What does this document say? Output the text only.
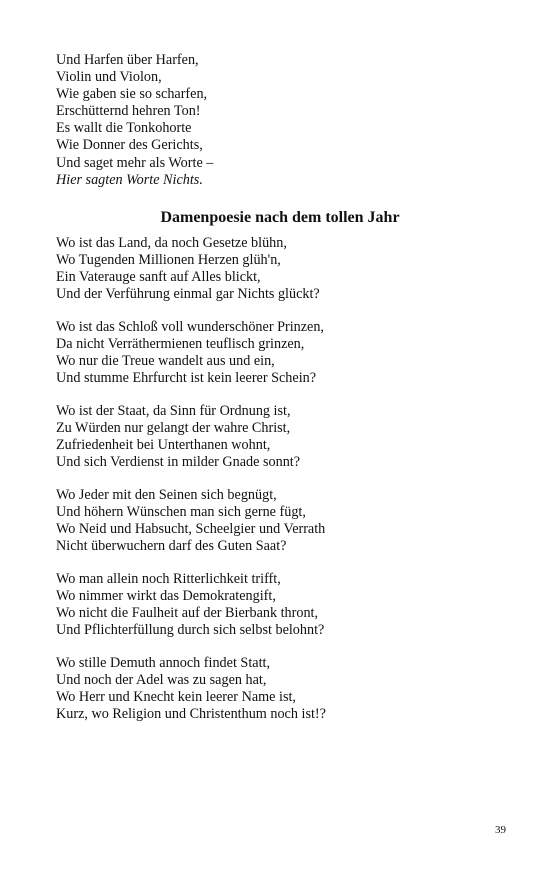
Und Harfen über Harfen,
Violin und Violon,
Wie gaben sie so scharfen,
Erschütternd hehren Ton!
Es wallt die Tonkohorte
Wie Donner des Gerichts,
Und saget mehr als Worte –
Hier sagten Worte Nichts.
Damenpoesie nach dem tollen Jahr
Wo ist das Land, da noch Gesetze blühn,
Wo Tugenden Millionen Herzen glüh'n,
Ein Vaterauge sanft auf Alles blickt,
Und der Verführung einmal gar Nichts glückt?
Wo ist das Schloß voll wunderschöner Prinzen,
Da nicht Verräthermienen teuflisch grinzen,
Wo nur die Treue wandelt aus und ein,
Und stumme Ehrfurcht ist kein leerer Schein?
Wo ist der Staat, da Sinn für Ordnung ist,
Zu Würden nur gelangt der wahre Christ,
Zufriedenheit bei Unterthanen wohnt,
Und sich Verdienst in milder Gnade sonnt?
Wo Jeder mit den Seinen sich begnügt,
Und höhern Wünschen man sich gerne fügt,
Wo Neid und Habsucht, Scheelgier und Verrath
Nicht überwuchern darf des Guten Saat?
Wo man allein noch Ritterlichkeit trifft,
Wo nimmer wirkt das Demokratengift,
Wo nicht die Faulheit auf der Bierbank thront,
Und Pflichterfüllung durch sich selbst belohnt?
Wo stille Demuth annoch findet Statt,
Und noch der Adel was zu sagen hat,
Wo Herr und Knecht kein leerer Name ist,
Kurz, wo Religion und Christenthum noch ist!?
39
